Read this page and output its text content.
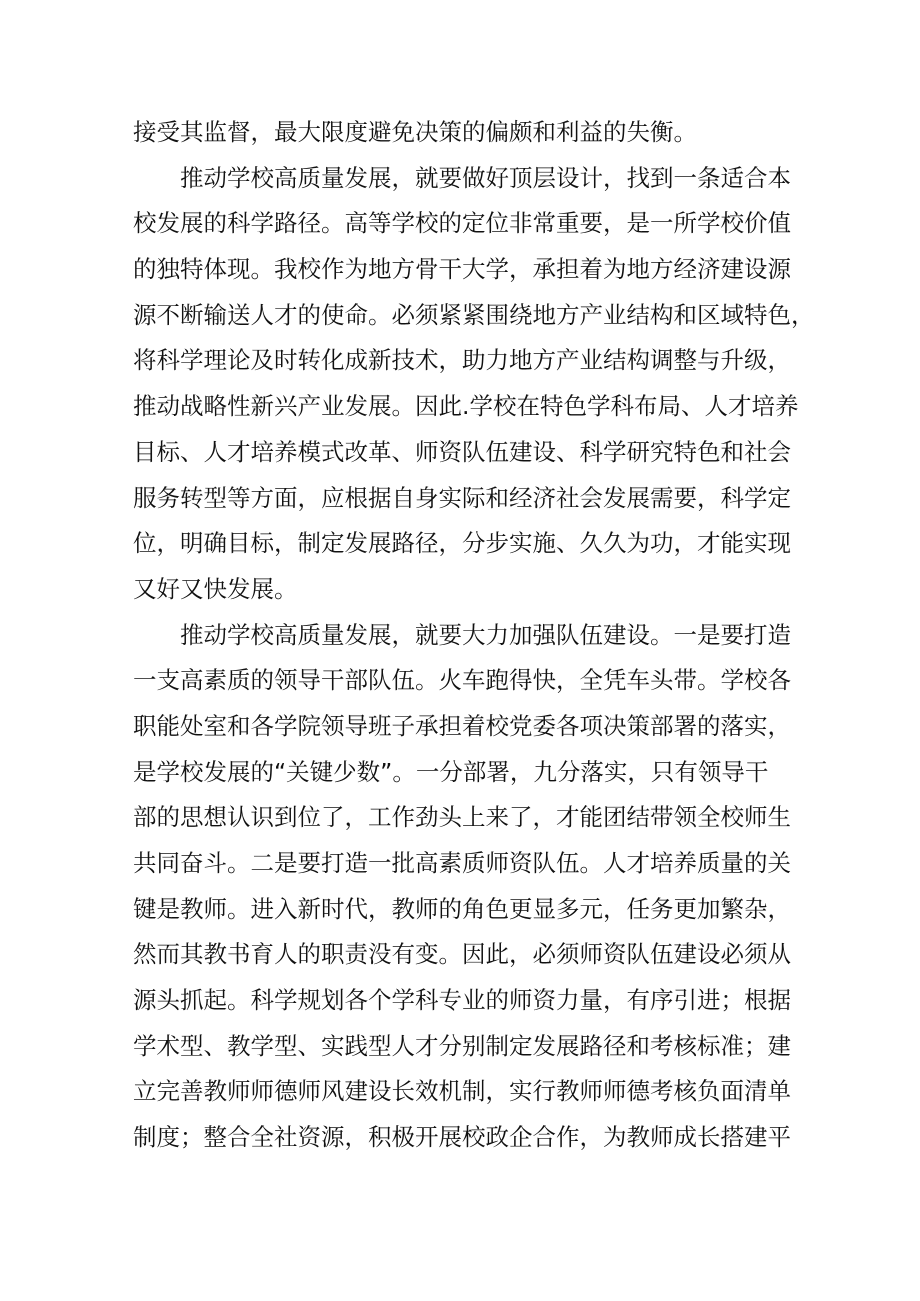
接受其监督，最大限度避免决策的偏颇和利益的失衡。
推动学校高质量发展，就要做好顶层设计，找到一条适合本
校发展的科学路径。高等学校的定位非常重要，是一所学校价值
的独特体现。我校作为地方骨干大学，承担着为地方经济建设源
源不断输送人才的使命。必须紧紧围绕地方产业结构和区域特色，
将科学理论及时转化成新技术，助力地方产业结构调整与升级，
推动战略性新兴产业发展。因此.学校在特色学科布局、人才培养
目标、人才培养模式改革、师资队伍建设、科学研究特色和社会
服务转型等方面，应根据自身实际和经济社会发展需要，科学定
位，明确目标，制定发展路径，分步实施、久久为功，才能实现
又好又快发展。
推动学校高质量发展，就要大力加强队伍建设。一是要打造
一支高素质的领导干部队伍。火车跑得快，全凭车头带。学校各
职能处室和各学院领导班子承担着校党委各项决策部署的落实，
是学校发展的“关键少数”。一分部署，九分落实，只有领导干
部的思想认识到位了，工作劲头上来了，才能团结带领全校师生
共同奋斗。二是要打造一批高素质师资队伍。人才培养质量的关
键是教师。进入新时代，教师的角色更显多元，任务更加繁杂，
然而其教书育人的职责没有变。因此，必须师资队伍建设必须从
源头抓起。科学规划各个学科专业的师资力量，有序引进；根据
学术型、教学型、实践型人才分别制定发展路径和考核标准；建
立完善教师师德师风建设长效机制，实行教师师德考核负面清单
制度；整合全社资源，积极开展校政企合作，为教师成长搭建平
